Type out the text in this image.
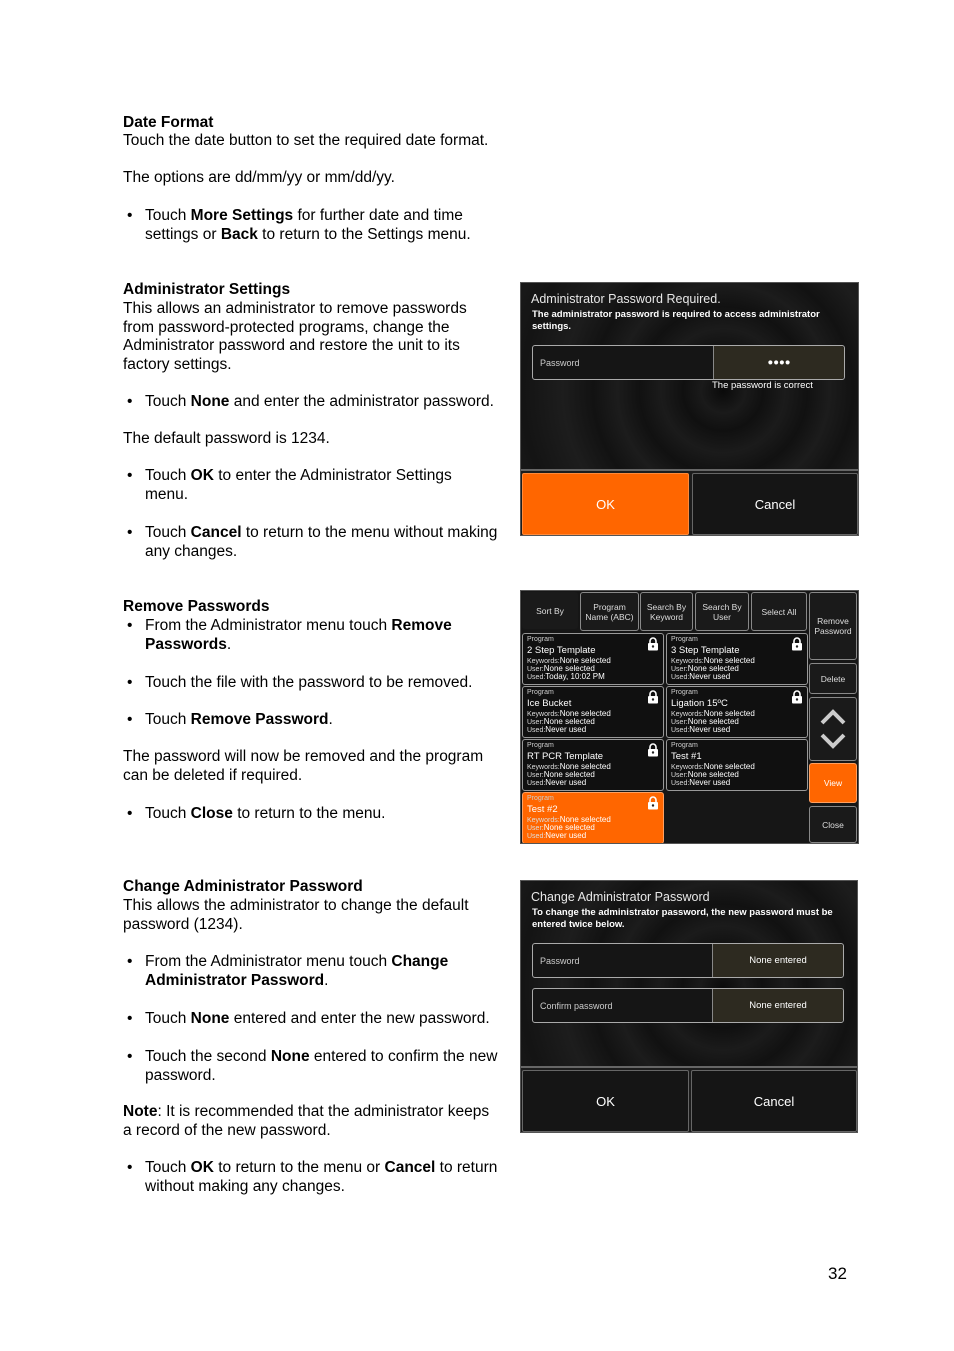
Date Format
Touch the date button to set the required date format.
The options are dd/mm/yy or mm/dd/yy.
• Touch More Settings for further date and time
settings or Back to return to the Settings menu.
Administrator Settings
This allows an administrator to remove passwords
from password-protected programs, change the
Administrator password and restore the unit to its
factory settings.
• Touch None and enter the administrator password.
The default password is 1234.
• Touch OK to enter the Administrator Settings
menu.
• Touch Cancel to return to the menu without making
any changes.
Administrator Password Required.
The administrator password is required to access administrator settings.
Password	●●●●
The password is correct
OK	Cancel
Remove Passwords
• From the Administrator menu touch Remove
Passwords.
• Touch the file with the password to be removed.
• Touch Remove Password.
The password will now be removed and the program
can be deleted if required.
• Touch Close to return to the menu.
Sort By	Program Name (ABC)
Search By Keyword
Search By User	Select All
Program
2 Step Template
Keywords:None selected
User:None selected
Used:Today, 10:02 PM
Program
3 Step Template
Keywords:None selected
User:None selected
Used:Never used
Program
Ice Bucket
Keywords:None selected
User:None selected
Used:Never used
Program
Ligation 15ºC
Keywords:None selected
User:None selected
Used:Never used
Program
RT PCR Template
Keywords:None selected
User:None selected
Used:Never used
Program
Test #1
Keywords:None selected
User:None selected
Used:Never used
Program
Test #2
Keywords:None selected
User:None selected
Used:Never used
Remove Password
Delete
View
Close
Change Administrator Password
This allows the administrator to change the default
password (1234).
• From the Administrator menu touch Change
Administrator Password.
• Touch None entered and enter the new password.
• Touch the second None entered to confirm the new
password.
Note: It is recommended that the administrator keeps
a record of the new password.
• Touch OK to return to the menu or Cancel to return
without making any changes.
Change Administrator Password
To change the administrator password, the new password must be
entered twice below.
Password	None entered
Confirm password	None entered
OK	Cancel
32
